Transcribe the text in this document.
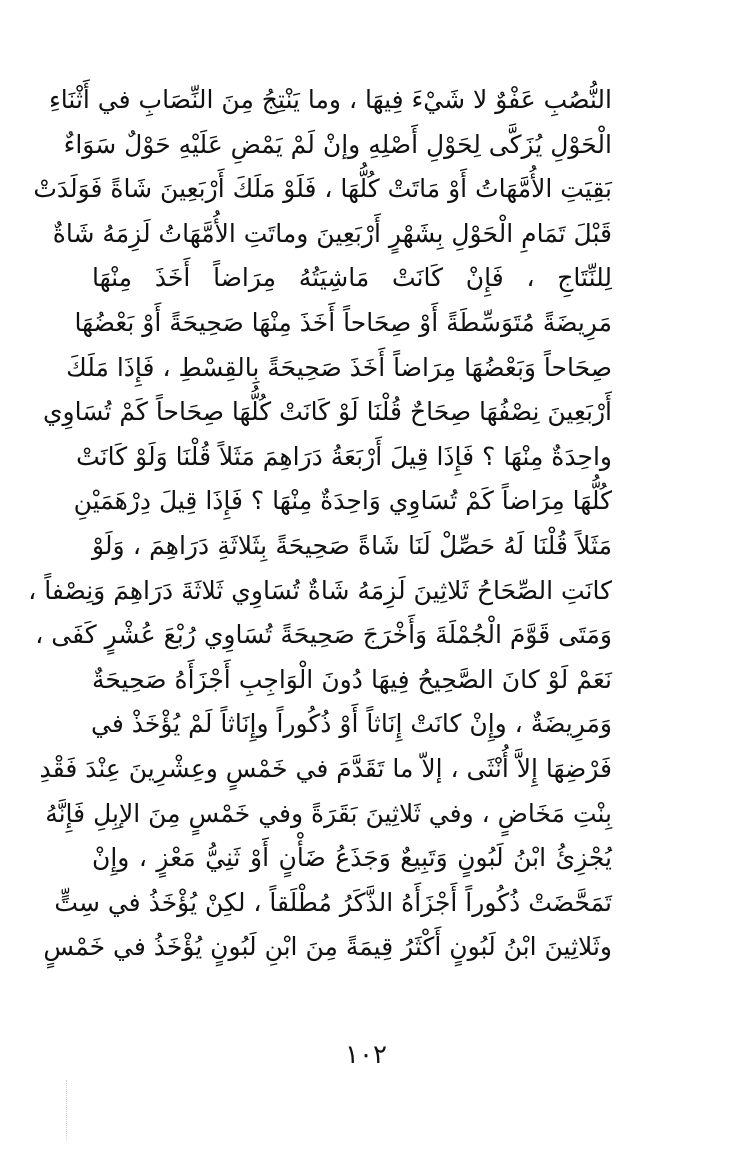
النُّصُبِ عَفْوٌ لا شَيْءَ فِيهَا ، وما يَنْتِجُ مِنَ النِّصَابِ في أَثْنَاءِ
الْحَوْلِ يُزَكَّى لِحَوْلِ أَصْلِهِ وإنْ لَمْ يَمْضِ عَلَيْهِ حَوْلٌ سَوَاءٌ
بَقِيَتِ الأُمَّهَاتُ أَوْ مَاتَتْ كُلُّهَا ، فَلَوْ مَلَكَ أَرْبَعِينَ شَاةً فَوَلَدَتْ
قَبْلَ تَمَامِ الْحَوْلِ بِشَهْرٍ أَرْبَعِينَ وماتَتِ الأُمَّهَاتُ لَزِمَهُ شَاةٌ
لِلنِّتَاجِ ، فَإِنْ كَانَتْ مَاشِيَتُهُ مِرَاضاً أَخَذَ مِنْهَا
مَرِيضَةً مُتَوَسِّطَةً أَوْ صِحَاحاً أَخَذَ مِنْهَا صَحِيحَةً أَوْ بَعْضُهَا
صِحَاحاً وَبَعْضُهَا مِرَاضاً أَخَذَ صَحِيحَةً بِالقِسْطِ ، فَإِذَا مَلَكَ
أَرْبَعِينَ نِصْفُهَا صِحَاحٌ قُلْنَا لَوْ كَانَتْ كُلُّهَا صِحَاحاً كَمْ تُسَاوِي
واحِدَةٌ مِنْهَا ؟ فَإِذَا قِيلَ أَرْبَعَةُ دَرَاهِمَ مَثَلاً قُلْنَا وَلَوْ كَانَتْ
كُلُّهَا مِرَاضاً كَمْ تُسَاوِي وَاحِدَةٌ مِنْهَا ؟ فَإِذَا قِيلَ دِرْهَمَيْنِ
مَثَلاً قُلْنَا لَهُ حَصِّلْ لَنَا شَاةً صَحِيحَةً بِثَلاثَةِ دَرَاهِمَ ، وَلَوْ
كانَتِ الصِّحَاحُ ثَلاثِينَ لَزِمَهُ شَاةٌ تُسَاوِي ثَلاثَةَ دَرَاهِمَ وَنِصْفاً ،
وَمَتَى قَوَّمَ الْجُمْلَةَ وَأَخْرَجَ صَحِيحَةً تُسَاوِي رُبْعَ عُشْرٍ كَفَى ،
نَعَمْ لَوْ كانَ الصَّحِيحُ فِيهَا دُونَ الْوَاجِبِ أَجْزَأَهُ صَحِيحَةٌ
وَمَرِيضَةٌ ، وإِنْ كانَتْ إِنَاثاً أَوْ ذُكُوراً وإِنَاثاً لَمْ يُؤْخَذْ في
فَرْضِهَا إِلاَّ أُنْثَى ، إلاّ ما تَقَدَّمَ في خَمْسٍ وعِشْرِينَ عِنْدَ فَقْدِ
بِنْتِ مَخَاضٍ ، وفي ثَلاثِينَ بَقَرَةً وفي خَمْسٍ مِنَ الإبِلِ فَإِنَّهُ
يُجْزِئُ ابْنُ لَبُونٍ وَتَبِيعٌ وَجَذَعُ ضَأْنٍ أَوْ ثَنِيُّ مَعْزٍ ، وإِنْ
تَمَحَّضَتْ ذُكُوراً أَجْزَأَهُ الذَّكَرُ مُطْلَقاً ، لكِنْ يُؤْخَذُ في سِتٍّ
وثَلاثِينَ ابْنُ لَبُونٍ أَكْثَرُ قِيمَةً مِنَ ابْنِ لَبُونٍ يُؤْخَذُ في خَمْسٍ
١٠٢
